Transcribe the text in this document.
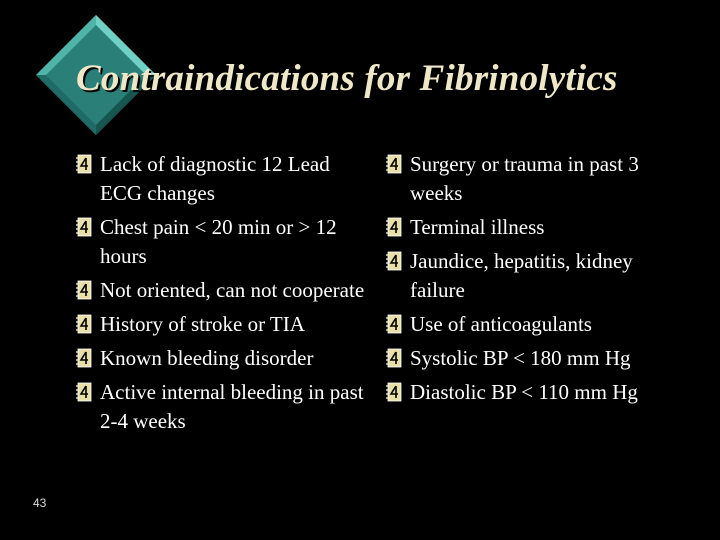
Contraindications for Fibrinolytics
Lack of diagnostic 12 Lead ECG changes
Chest pain < 20 min or > 12 hours
Not oriented, can not cooperate
History of stroke or TIA
Known bleeding disorder
Active internal bleeding in past 2-4 weeks
Surgery or trauma in past 3 weeks
Terminal illness
Jaundice, hepatitis, kidney failure
Use of anticoagulants
Systolic BP < 180 mm Hg
Diastolic BP < 110 mm Hg
43
